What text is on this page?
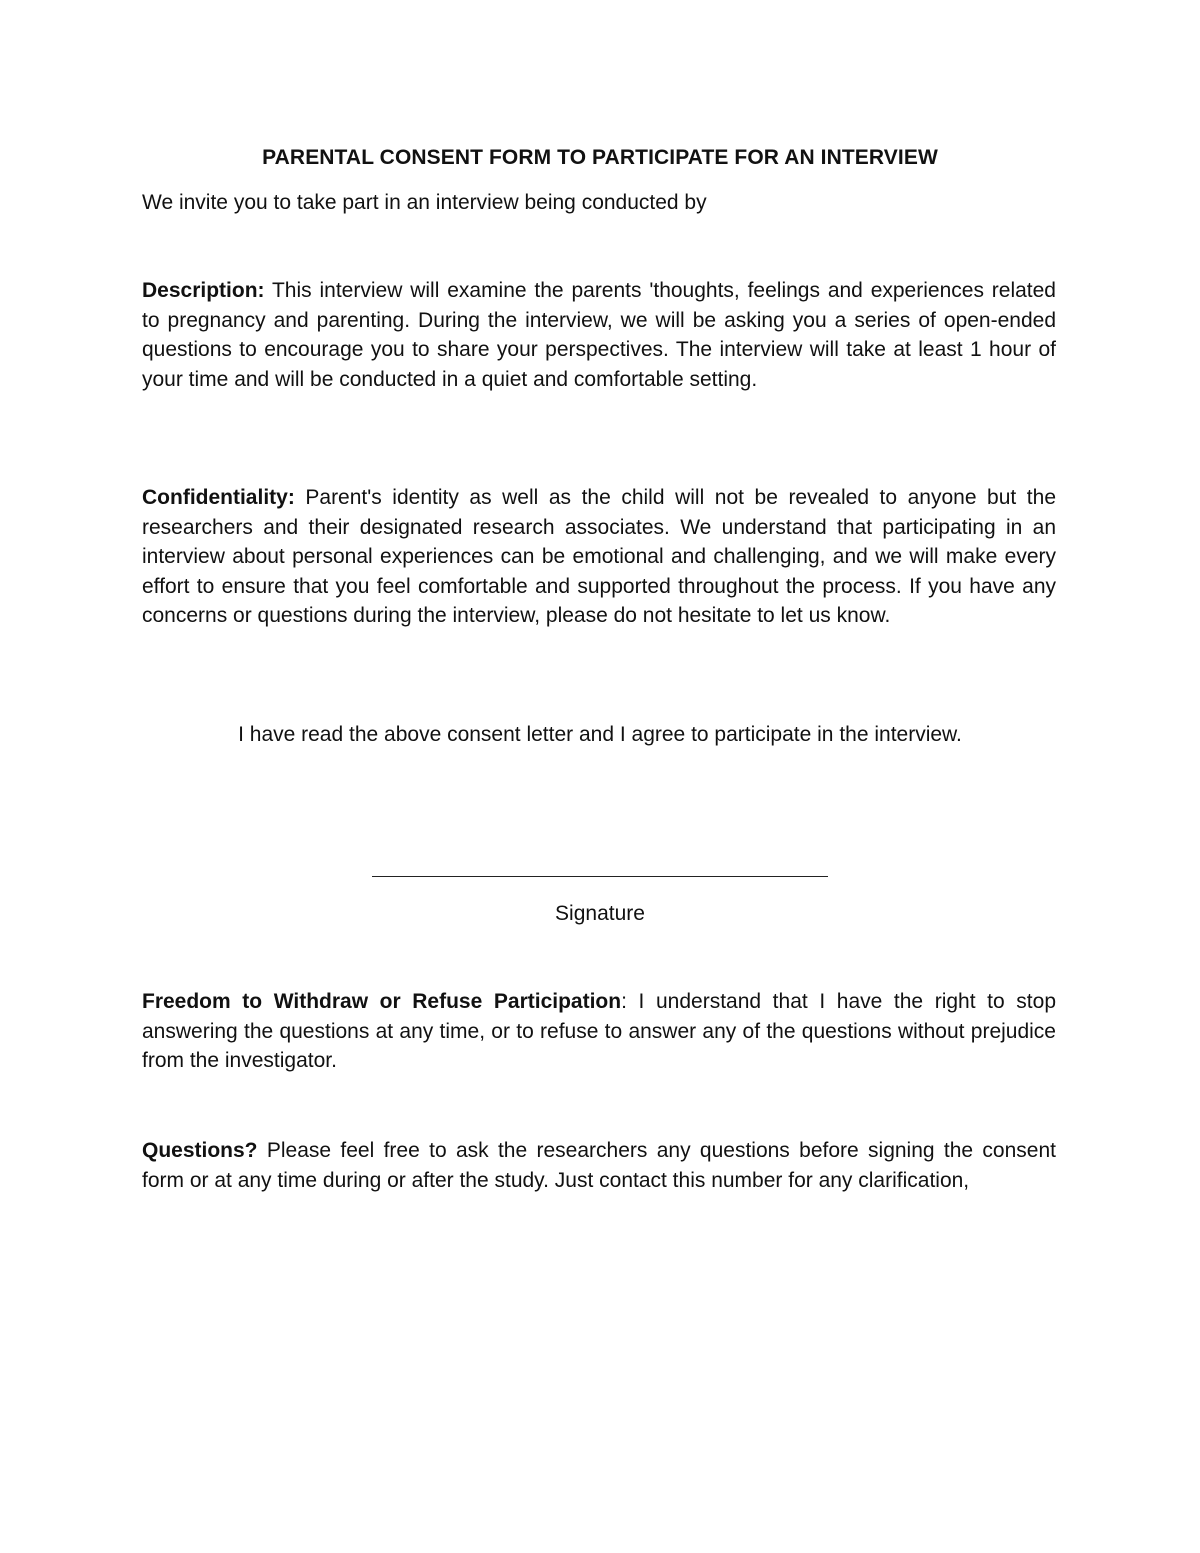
PARENTAL CONSENT FORM TO PARTICIPATE FOR AN INTERVIEW
We invite you to take part in an interview being conducted by
Description: This interview will examine the parents 'thoughts, feelings and experiences related to pregnancy and parenting. During the interview, we will be asking you a series of open-ended questions to encourage you to share your perspectives. The interview will take at least 1 hour of your time and will be conducted in a quiet and comfortable setting.
Confidentiality: Parent's identity as well as the child will not be revealed to anyone but the researchers and their designated research associates. We understand that participating in an interview about personal experiences can be emotional and challenging, and we will make every effort to ensure that you feel comfortable and supported throughout the process. If you have any concerns or questions during the interview, please do not hesitate to let us know.
I have read the above consent letter and I agree to participate in the interview.
Signature
Freedom to Withdraw or Refuse Participation: I understand that I have the right to stop answering the questions at any time, or to refuse to answer any of the questions without prejudice from the investigator.
Questions? Please feel free to ask the researchers any questions before signing the consent form or at any time during or after the study. Just contact this number for any clarification,
